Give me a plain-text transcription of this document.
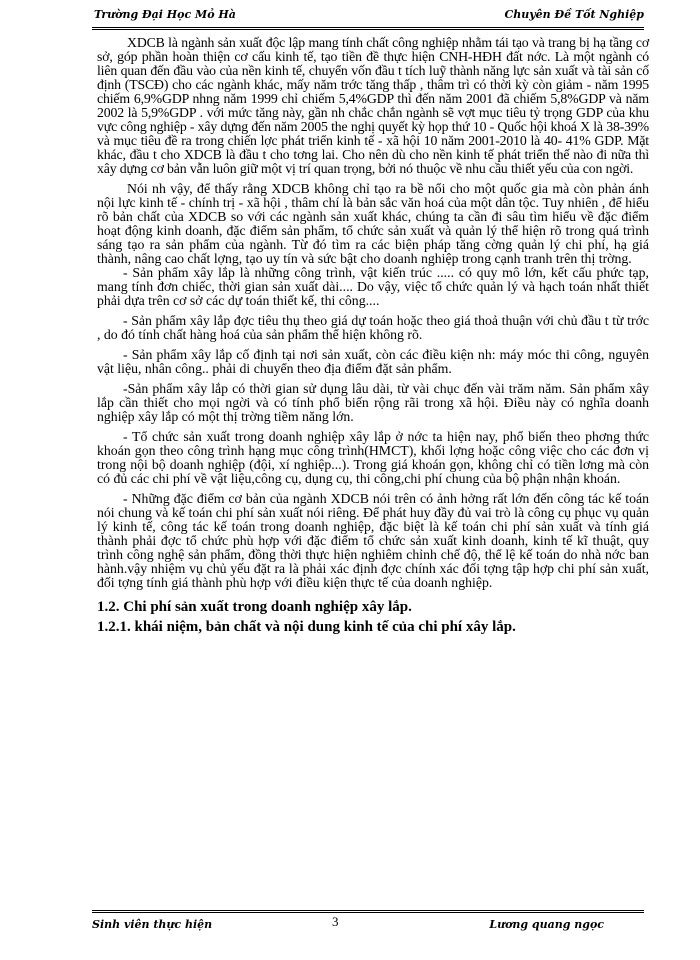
Trường Đại Học Mỏ Hà	Chuyên Đề Tốt Nghiệp

XDCB là ngành sản xuất độc lập mang tính chất công nghiệp nhằm tái tạo và trang bị hạ tầng cơ sở, góp phần hoàn thiện cơ cấu kinh tế, tạo tiền đề thực hiện CNH-HĐH đất nớc. Là một ngành có liên quan đến đầu vào của nền kinh tế, chuyển vốn đầu t tích luỹ thành năng lực sản xuất và tài sản cố định (TSCĐ) cho các ngành khác, mấy năm trớc tăng thấp , thâm trì có thời kỳ còn giảm - năm 1995 chiếm 6,9%GDP nhng năm 1999 chỉ chiếm 5,4%GDP thì đến năm 2001 đã chiếm 5,8%GDP và năm 2002 là 5,9%GDP . với mức tăng này, gần nh chắc chắn ngành sẽ vợt mục tiêu tỷ trọng GDP của khu vực công nghiệp - xây dựng đến năm 2005 the nghị quyết kỳ họp thứ 10 - Quốc hội khoá X là 38-39% và mục tiêu đề ra trong chiến lợc phát triển kinh tế - xã hội 10 năm 2001-2010 là 40- 41% GDP. Mặt khác, đầu t cho XDCB là đầu t cho tơng lai. Cho nên dù cho nền kinh tế phát triển thế nào đi nữa thì xây dựng cơ bản vẫn luôn giữ một vị trí quan trọng, bởi nó thuộc về nhu cầu thiết yếu của con ngời.

Nói nh vậy, để thấy rằng XDCB không chỉ tạo ra bề nổi cho một quốc gia mà còn phản ánh nội lực kinh tế - chính trị - xã hội , thâm chí là bản sắc văn hoá của một dân tộc. Tuy nhiên , để hiểu rõ bản chất của XDCB so với các ngành sản xuất khác, chúng ta cần đi sâu tìm hiểu về đặc điểm hoạt động kinh doanh, đặc điểm sản phẩm, tổ chức sản xuất và quản lý thể hiện rõ trong quá trình sáng tạo ra sản phẩm của ngành. Từ đó tìm ra các biện pháp tăng cờng quản lý chi phí, hạ giá thành, nâng cao chất lợng, tạo uy tín và sức bật cho doanh nghiệp trong cạnh tranh trên thị trờng.

- Sản phẩm xây lắp là những công trình, vật kiến trúc ..... có quy mô lớn, kết cấu phức tạp, mang tính đơn chiếc, thời gian sản xuất dài.... Do vậy, việc tổ chức quản lý và hạch toán nhất thiết phải dựa trên cơ sở các dự toán thiết kế, thi công....

- Sản phẩm xây lắp đợc tiêu thụ theo giá dự toán hoặc theo giá thoả thuận với chủ đầu t từ trớc , do đó tính chất hàng hoá của sản phẩm thể hiện không rõ.

- Sản phẩm xây lắp cố định tại nơi sản xuất, còn các điều kiện nh: máy móc thi công, nguyên vật liệu, nhân công.. phải di chuyển theo địa điểm đặt sản phẩm.

-Sản phẩm xây lắp có thời gian sử dụng lâu dài, từ vài chục đến vài trăm năm. Sản phẩm xây lắp cần thiết cho mọi ngời và có tính phổ biến rộng rãi trong xã hội. Điều này có nghĩa doanh nghiệp xây lắp có một thị trờng tiềm năng lớn.

- Tổ chức sản xuất trong doanh nghiệp xây lắp ở nớc ta hiện nay, phổ biến theo phơng thức khoán gọn theo công trình hạng mục công trình(HMCT), khối lợng hoặc công việc cho các đơn vị trong nội bộ doanh nghiệp (đội, xí nghiệp...). Trong giá khoán gọn, không chỉ có tiền lơng mà còn có đủ các chi phí về vật liệu,công cụ, dụng cụ, thi công,chi phí chung của bộ phận nhận khoán.

- Những đặc điểm cơ bản của ngành XDCB nói trên có ảnh hởng rất lớn đến công tác kế toán nói chung và kế toán chi phí sản xuất nói riêng. Để phát huy đầy đủ vai trò là công cụ phục vụ quản lý kinh tế, công tác kế toán trong doanh nghiệp, đặc biệt là kế toán chi phí sản xuất và tính giá thành phải đợc tổ chức phù hợp với đặc điểm tổ chức sản xuất kinh doanh, kinh tế kĩ thuật, quy trình công nghệ sản phẩm, đồng thời thực hiện nghiêm chỉnh chế độ, thể lệ kế toán do nhà nớc ban hành.vậy nhiệm vụ chủ yếu đặt ra là phải xác định đợc chính xác đối tợng tập hợp chi phí sản xuất, đối tợng tính giá thành phù hợp với điều kiện thực tế của doanh nghiệp.

1.2. Chi phí sản xuất trong doanh nghiệp xây lắp.
1.2.1. khái niệm, bản chất và nội dung kinh tế của chi phí xây lắp.
Sinh viên thực hiện	3	Lương quang ngọc
